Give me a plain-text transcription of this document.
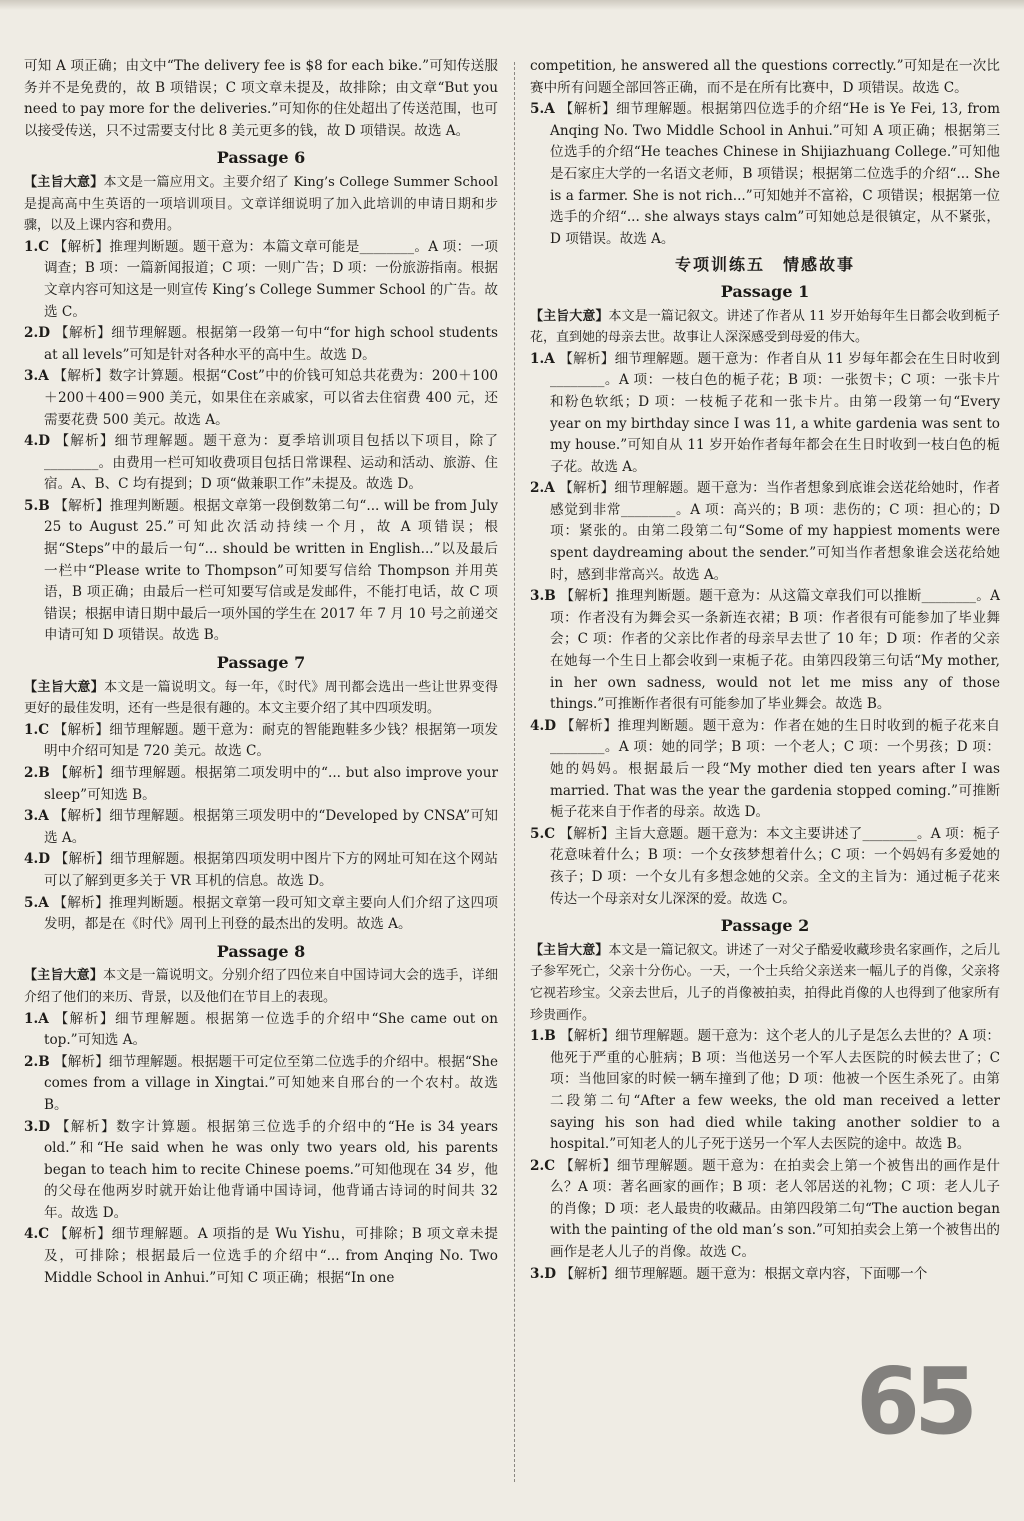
可知 A 项正确；由文中“The delivery fee is $8 for each bike.”可知传送服务并不是免费的，故 B 项错误；C 项文章未提及，故排除；由文章“But you need to pay more for the deliveries.”可知你的住处超出了传送范围，也可以接受传送，只不过需要支付比 8 美元更多的钱，故 D 项错误。故选 A。

Passage 6

【主旨大意】本文是一篇应用文。主要介绍了 King’s College Summer School 是提高高中生英语的一项培训项目。文章详细说明了加入此培训的申请日期和步骤，以及上课内容和费用。

1.C 【解析】推理判断题。题干意为：本篇文章可能是________。A 项：一项调查；B 项：一篇新闻报道；C 项：一则广告；D 项：一份旅游指南。根据文章内容可知这是一则宣传 King’s College Summer School 的广告。故选 C。

2.D 【解析】细节理解题。根据第一段第一句中“for high school students at all levels”可知是针对各种水平的高中生。故选 D。

3.A 【解析】数字计算题。根据“Cost”中的价钱可知总共花费为：200＋100＋200＋400＝900 美元，如果住在亲戚家，可以省去住宿费 400 元，还需要花费 500 美元。故选 A。

4.D 【解析】细节理解题。题干意为：夏季培训项目包括以下项目，除了________。由费用一栏可知收费项目包括日常课程、运动和活动、旅游、住宿。A、B、C 均有提到；D 项“做兼职工作”未提及。故选 D。

5.B 【解析】推理判断题。根据文章第一段倒数第二句“... will be from July 25 to August 25.”可知此次活动持续一个月，故 A 项错误；根据“Steps”中的最后一句“... should be written in English...”以及最后一栏中“Please write to Thompson”可知要写信给 Thompson 并用英语，B 项正确；由最后一栏可知要写信或是发邮件，不能打电话，故 C 项错误；根据申请日期中最后一项外国的学生在 2017 年 7 月 10 号之前递交申请可知 D 项错误。故选 B。

Passage 7

【主旨大意】本文是一篇说明文。每一年，《时代》周刊都会选出一些让世界变得更好的最佳发明，还有一些是很有趣的。本文主要介绍了其中四项发明。

1.C 【解析】细节理解题。题干意为：耐克的智能跑鞋多少钱？根据第一项发明中介绍可知是 720 美元。故选 C。

2.B 【解析】细节理解题。根据第二项发明中的“... but also improve your sleep”可知选 B。

3.A 【解析】细节理解题。根据第三项发明中的“Developed by CNSA”可知选 A。

4.D 【解析】细节理解题。根据第四项发明中图片下方的网址可知在这个网站可以了解到更多关于 VR 耳机的信息。故选 D。

5.A 【解析】推理判断题。根据文章第一段可知文章主要向人们介绍了这四项发明，都是在《时代》周刊上刊登的最杰出的发明。故选 A。

Passage 8

【主旨大意】本文是一篇说明文。分别介绍了四位来自中国诗词大会的选手，详细介绍了他们的来历、背景，以及他们在节目上的表现。

1.A 【解析】细节理解题。根据第一位选手的介绍中“She came out on top.”可知选 A。

2.B 【解析】细节理解题。根据题干可定位至第二位选手的介绍中。根据“She comes from a village in Xingtai.”可知她来自邢台的一个农村。故选 B。

3.D 【解析】数字计算题。根据第三位选手的介绍中的“He is 34 years old.”和“He said when he was only two years old, his parents began to teach him to recite Chinese poems.”可知他现在 34 岁，他的父母在他两岁时就开始让他背诵中国诗词，他背诵古诗词的时间共 32 年。故选 D。

4.C 【解析】细节理解题。A 项指的是 Wu Yishu，可排除；B 项文章未提及，可排除；根据最后一位选手的介绍中“... from Anqing No. Two Middle School in Anhui.”可知 C 项正确；根据“In one

competition, he answered all the questions correctly.”可知是在一次比赛中所有问题全部回答正确，而不是在所有比赛中，D 项错误。故选 C。

5.A 【解析】细节理解题。根据第四位选手的介绍“He is Ye Fei, 13, from Anqing No. Two Middle School in Anhui.”可知 A 项正确；根据第三位选手的介绍“He teaches Chinese in Shijiazhuang College.”可知他是石家庄大学的一名语文老师，B 项错误；根据第二位选手的介绍“... She is a farmer. She is not rich...”可知她并不富裕，C 项错误；根据第一位选手的介绍“... she always stays calm”可知她总是很镇定，从不紧张，D 项错误。故选 A。

专项训练五　情感故事
Passage 1

【主旨大意】本文是一篇记叙文。讲述了作者从 11 岁开始每年生日都会收到栀子花，直到她的母亲去世。故事让人深深感受到母爱的伟大。

1.A 【解析】细节理解题。题干意为：作者自从 11 岁每年都会在生日时收到________。A 项：一枝白色的栀子花；B 项：一张贺卡；C 项：一张卡片和粉色软纸；D 项：一枝栀子花和一张卡片。由第一段第一句“Every year on my birthday since I was 11, a white gardenia was sent to my house.”可知自从 11 岁开始作者每年都会在生日时收到一枝白色的栀子花。故选 A。

2.A 【解析】细节理解题。题干意为：当作者想象到底谁会送花给她时，作者感觉到非常________。A 项：高兴的；B 项：悲伤的；C 项：担心的；D 项：紧张的。由第二段第二句“Some of my happiest moments were spent daydreaming about the sender.”可知当作者想象谁会送花给她时，感到非常高兴。故选 A。

3.B 【解析】推理判断题。题干意为：从这篇文章我们可以推断________。A 项：作者没有为舞会买一条新连衣裙；B 项：作者很有可能参加了毕业舞会；C 项：作者的父亲比作者的母亲早去世了 10 年；D 项：作者的父亲在她每一个生日上都会收到一束栀子花。由第四段第三句话“My mother, in her own sadness, would not let me miss any of those things.”可推断作者很有可能参加了毕业舞会。故选 B。

4.D 【解析】推理判断题。题干意为：作者在她的生日时收到的栀子花来自________。A 项：她的同学；B 项：一个老人；C 项：一个男孩；D 项：她的妈妈。根据最后一段“My mother died ten years after I was married. That was the year the gardenia stopped coming.”可推断栀子花来自于作者的母亲。故选 D。

5.C 【解析】主旨大意题。题干意为：本文主要讲述了________。A 项：栀子花意味着什么；B 项：一个女孩梦想着什么；C 项：一个妈妈有多爱她的孩子；D 项：一个女儿有多想念她的父亲。全文的主旨为：通过栀子花来传达一个母亲对女儿深深的爱。故选 C。

Passage 2

【主旨大意】本文是一篇记叙文。讲述了一对父子酷爱收藏珍贵名家画作，之后儿子参军死亡，父亲十分伤心。一天，一个士兵给父亲送来一幅儿子的肖像，父亲将它视若珍宝。父亲去世后，儿子的肖像被拍卖，拍得此肖像的人也得到了他家所有珍贵画作。

1.B 【解析】细节理解题。题干意为：这个老人的儿子是怎么去世的？A 项：他死于严重的心脏病；B 项：当他送另一个军人去医院的时候去世了；C 项：当他回家的时候一辆车撞到了他；D 项：他被一个医生杀死了。由第二段第二句“After a few weeks, the old man received a letter saying his son had died while taking another soldier to a hospital.”可知老人的儿子死于送另一个军人去医院的途中。故选 B。

2.C 【解析】细节理解题。题干意为：在拍卖会上第一个被售出的画作是什么？A 项：著名画家的画作；B 项：老人邻居送的礼物；C 项：老人儿子的肖像；D 项：老人最贵的收藏品。由第四段第二句“The auction began with the painting of the old man’s son.”可知拍卖会上第一个被售出的画作是老人儿子的肖像。故选 C。

3.D 【解析】细节理解题。题干意为：根据文章内容，下面哪一个

65
